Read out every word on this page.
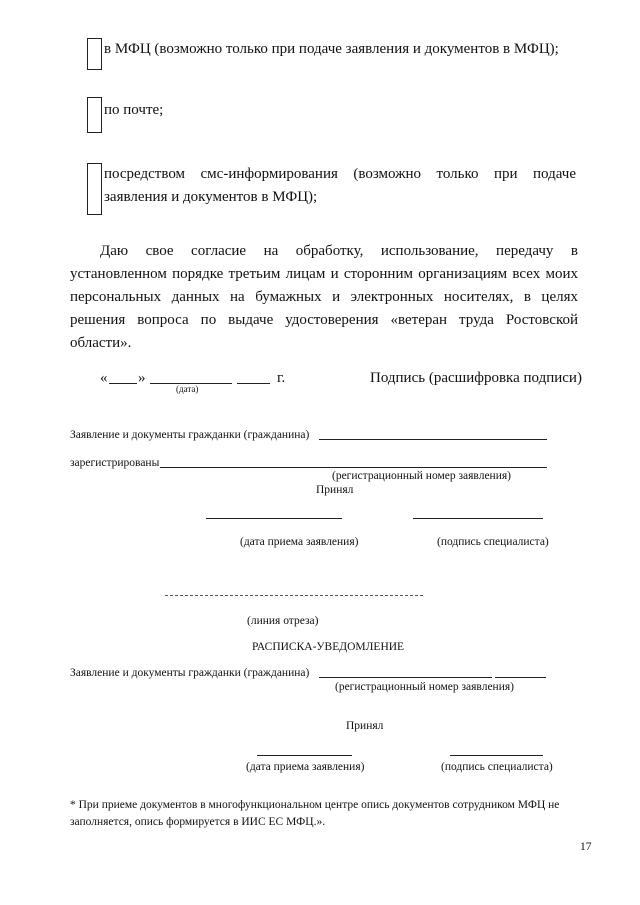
в МФЦ (возможно только при подаче заявления и документов в МФЦ);
по почте;
посредством смс-информирования (возможно только при подаче заявления и документов в МФЦ);
Даю свое согласие на обработку, использование, передачу в установленном порядке третьим лицам и сторонним организациям всех моих персональных данных на бумажных и электронных носителях, в целях решения вопроса по выдаче удостоверения «ветеран труда Ростовской области».
« »	г.
(дата)
Подпись (расшифровка подписи)
Заявление и документы гражданки (гражданина)
зарегистрированы
(регистрационный номер заявления)
Принял
(дата приема заявления)	(подпись специалиста)
(линия отреза)
РАСПИСКА-УВЕДОМЛЕНИЕ
Заявление и документы гражданки (гражданина)
(регистрационный номер заявления)
Принял
(дата приема заявления)	(подпись специалиста)
* При приеме документов в многофункциональном центре опись документов сотрудником МФЦ не заполняется, опись формируется в ИИС ЕС МФЦ.».
17
